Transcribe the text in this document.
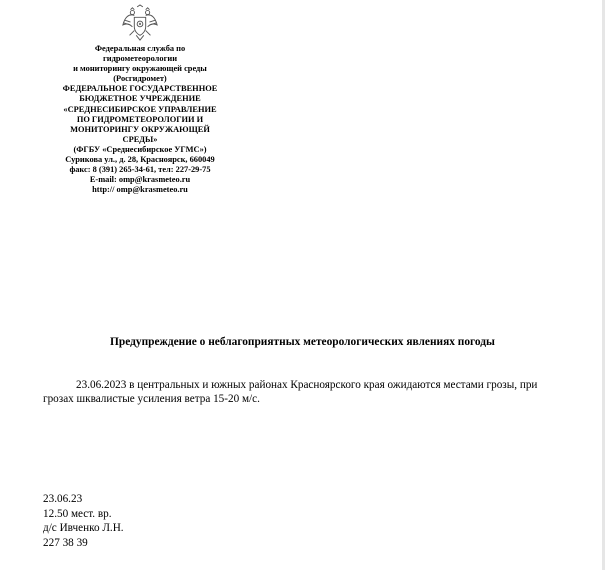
Федеральная служба по
гидрометеорологии
и мониторингу окружающей среды
(Росгидромет)
ФЕДЕРАЛЬНОЕ ГОСУДАРСТВЕННОЕ
БЮДЖЕТНОЕ УЧРЕЖДЕНИЕ
«СРЕДНЕСИБИРСКОЕ УПРАВЛЕНИЕ
ПО ГИДРОМЕТЕОРОЛОГИИ И
МОНИТОРИНГУ ОКРУЖАЮЩЕЙ
СРЕДЫ»
(ФГБУ «Среднесибирское УГМС»)
Сурикова ул., д. 28, Красноярск, 660049
факс: 8 (391) 265-34-61, тел: 227-29-75
E-mail: omp@krasmeteo.ru
http:// omp@krasmeteo.ru
Предупреждение о неблагоприятных метеорологических явлениях погоды

23.06.2023 в центральных и южных районах Красноярского края ожидаются местами грозы, при грозах шквалистые усиления ветра 15-20 м/с.

23.06.23
12.50 мест. вр.
д/с Ивченко Л.Н.
227 38 39
